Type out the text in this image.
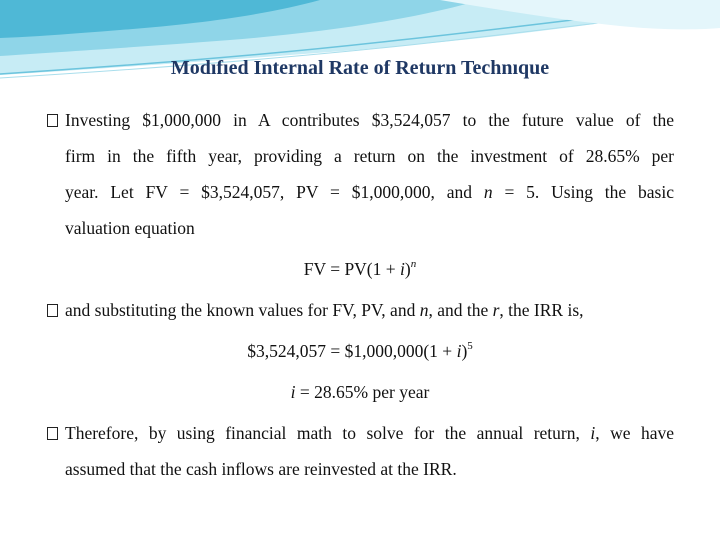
Modıfıed Internal Rate of Return Technıque
Investing $1,000,000 in A contributes $3,524,057 to the future value of the
firm in the fifth year, providing a return on the investment of 28.65% per
year. Let FV = $3,524,057, PV = $1,000,000, and n = 5. Using the basic
valuation equation
FV = $PV(1 + i)^n$
and substituting the known values for FV, PV, and n, and the r, the IRR is,
$3,524,057 = $1,000,000(1 + i)$^5$
i = 28.65% per year
Therefore, by using financial math to solve for the annual return, i, we have
assumed that the cash inflows are reinvested at the IRR.
